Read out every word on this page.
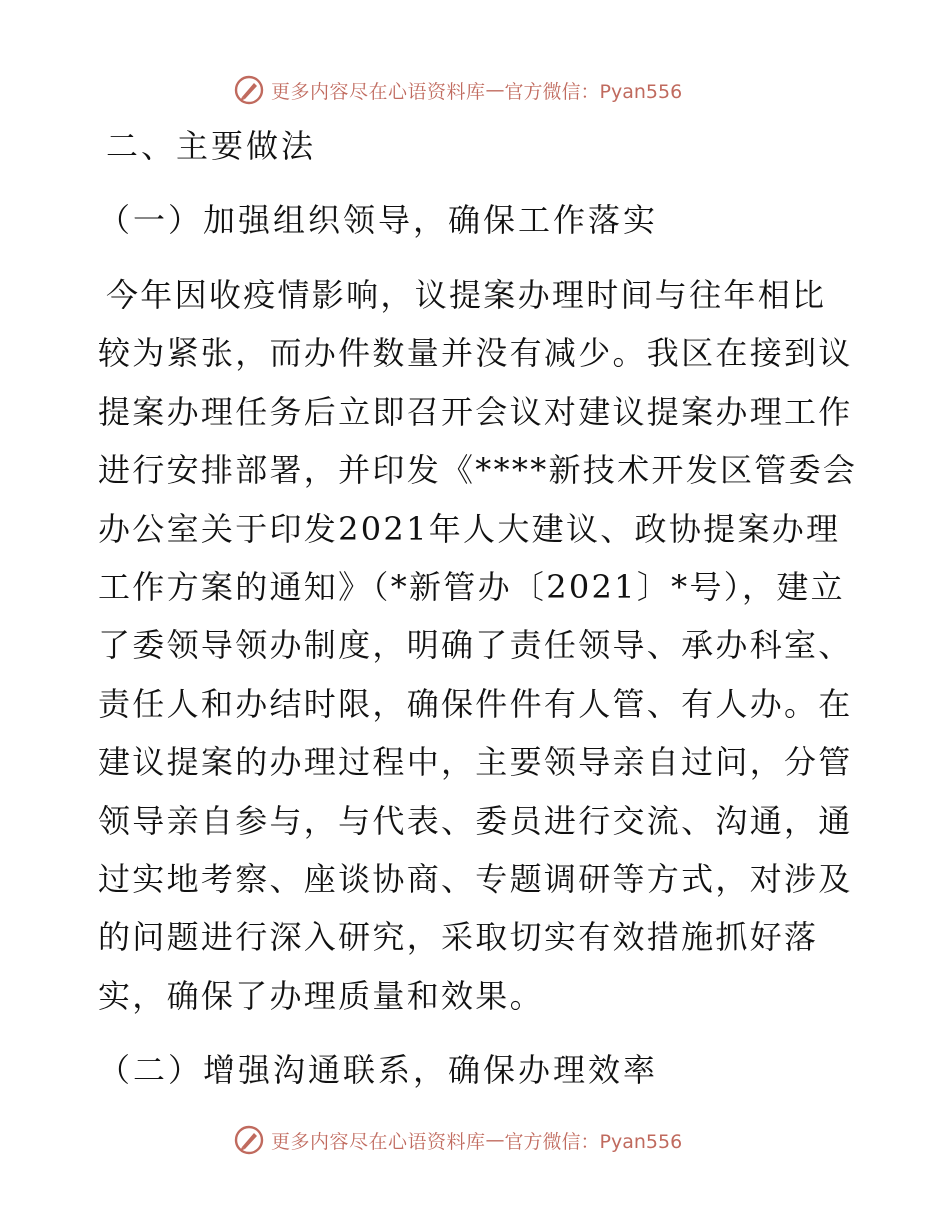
更多内容尽在心语资料库 — 官方微信：Pyan556
二、主要做法
（一）加强组织领导，确保工作落实
今年因收疫情影响，议提案办理时间与往年相比
较为紧张，而办件数量并没有减少。我区在接到议
提案办理任务后立即召开会议对建议提案办理工作
进行安排部署，并印发《****新技术开发区管委会
办公室关于印发2021年人大建议、政协提案办理
工作方案的通知》（*新管办〔2021〕*号），建立
了委领导领办制度，明确了责任领导、承办科室、
责任人和办结时限，确保件件有人管、有人办。在
建议提案的办理过程中，主要领导亲自过问，分管
领导亲自参与，与代表、委员进行交流、沟通，通
过实地考察、座谈协商、专题调研等方式，对涉及
的问题进行深入研究，采取切实有效措施抓好落
实，确保了办理质量和效果。
（二）增强沟通联系，确保办理效率
更多内容尽在心语资料库 — 官方微信：Pyan556
